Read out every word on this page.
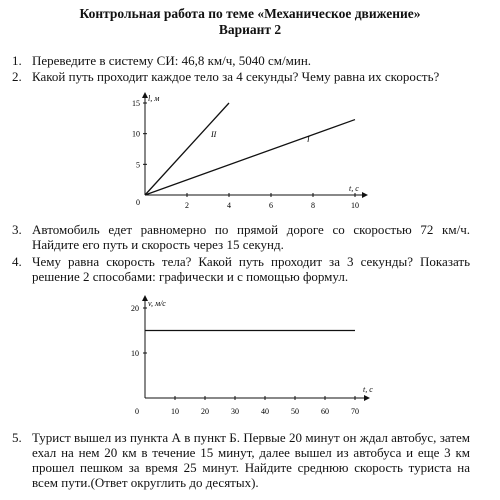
Контрольная работа по теме «Механическое движение»
Вариант 2
1. Переведите в систему СИ: 46,8 км/ч, 5040 см/мин.
2. Какой путь проходит каждое тело за 4 секунды? Чему равна их скорость?
2	4	6	8	10
5
10
15
0
l, м
t, с
II
I
3. Автомобиль едет равномерно по прямой дороге со скоростью 72 км/ч. Найдите его путь и скорость через 15 секунд.
4. Чему равна скорость тела? Какой путь проходит за 3 секунды? Показать решение 2 способами: графически и с помощью формул.
10	20	30	40	50	60	70
10
20
0
v, м/с
t, с
5. Турист вышел из пункта А в пункт Б. Первые 20 минут он ждал автобус, затем ехал на нем 20 км в течение 15 минут, далее вышел из автобуса и еще 3 км прошел пешком за время 25 минут. Найдите среднюю скорость туриста на всем пути.(Ответ округлить до десятых).
